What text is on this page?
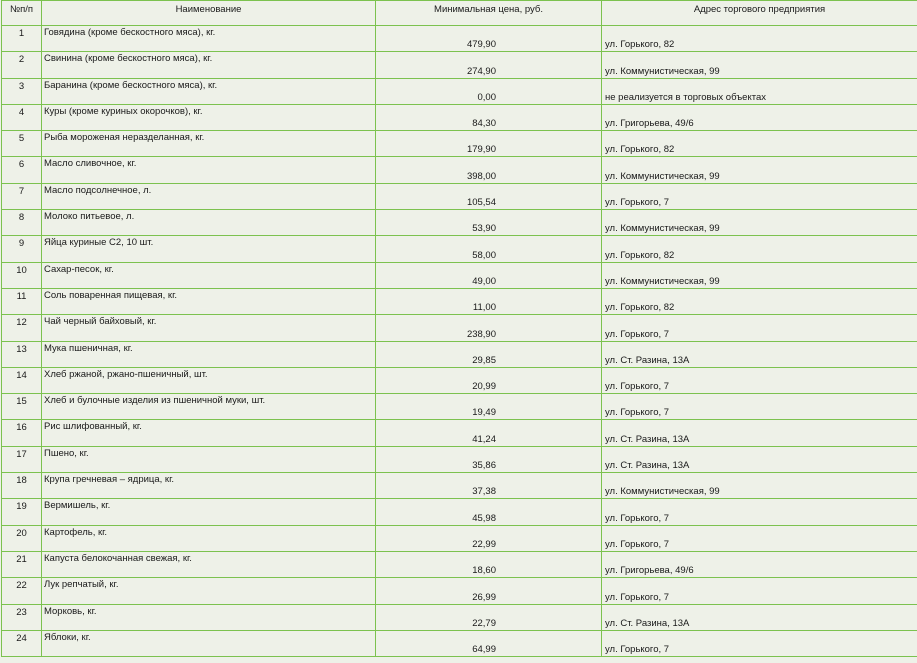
№п/п	Наименование	Минимальная цена, руб.	Адрес торгового предприятия
1	Говядина (кроме бескостного мяса), кг.	479,90	ул. Горького, 82
2	Свинина (кроме бескостного мяса), кг.	274,90	ул. Коммунистическая, 99
3	Баранина (кроме бескостного мяса), кг.	0,00	не реализуется в торговых объектах
4	Куры (кроме куриных окорочков), кг.	84,30	ул. Григорьева, 49/6
5	Рыба мороженая неразделанная, кг.	179,90	ул. Горького, 82
6	Масло сливочное, кг.	398,00	ул. Коммунистическая, 99
7	Масло подсолнечное, л.	105,54	ул. Горького, 7
8	Молоко питьевое, л.	53,90	ул. Коммунистическая, 99
9	Яйца куриные С2, 10 шт.	58,00	ул. Горького, 82
10	Сахар-песок, кг.	49,00	ул. Коммунистическая, 99
11	Соль поваренная пищевая, кг.	11,00	ул. Горького, 82
12	Чай черный байховый, кг.	238,90	ул. Горького, 7
13	Мука пшеничная, кг.	29,85	ул. Ст. Разина, 13А
14	Хлеб ржаной, ржано-пшеничный, шт.	20,99	ул. Горького, 7
15	Хлеб и булочные изделия из пшеничной муки, шт.	19,49	ул. Горького, 7
16	Рис шлифованный, кг.	41,24	ул. Ст. Разина, 13А
17	Пшено, кг.	35,86	ул. Ст. Разина, 13А
18	Крупа гречневая – ядрица, кг.	37,38	ул. Коммунистическая, 99
19	Вермишель, кг.	45,98	ул. Горького, 7
20	Картофель, кг.	22,99	ул. Горького, 7
21	Капуста белокочанная свежая, кг.	18,60	ул. Григорьева, 49/6
22	Лук репчатый, кг.	26,99	ул. Горького, 7
23	Морковь, кг.	22,79	ул. Ст. Разина, 13А
24	Яблоки, кг.	64,99	ул. Горького, 7
